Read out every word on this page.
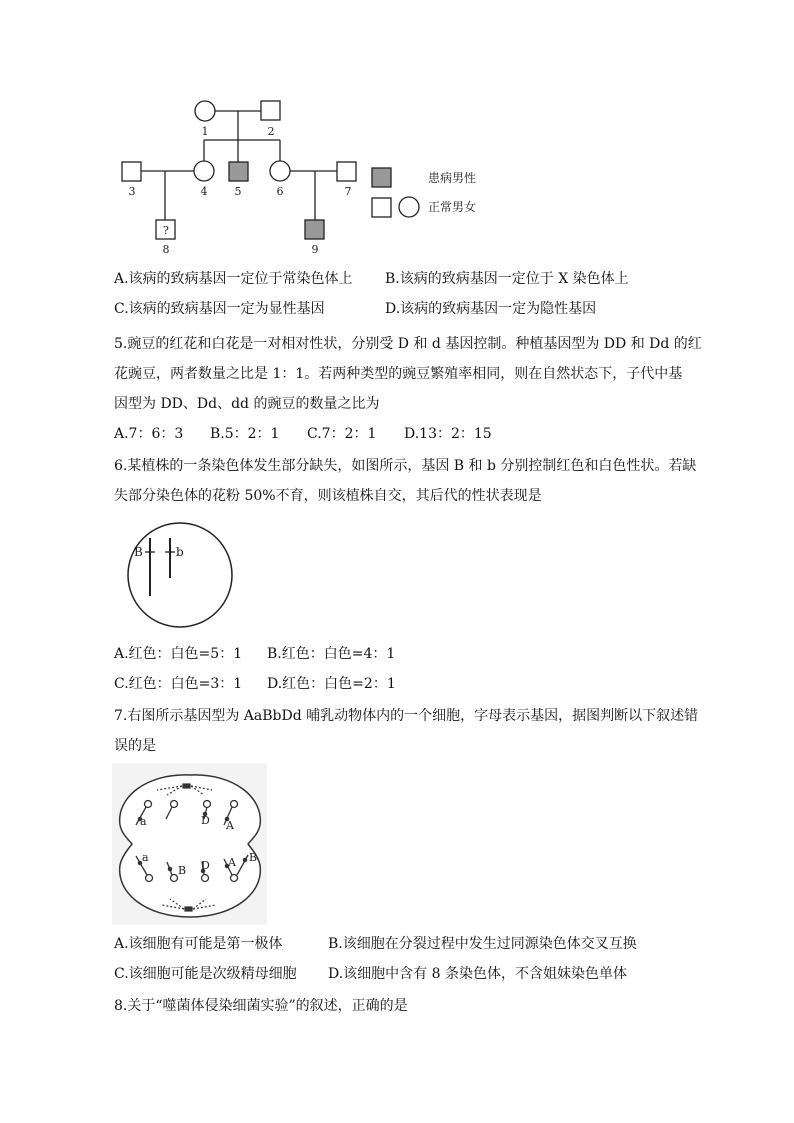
1	2
3	4 5	6	7
8	9
?
患病男性
正常男女
A.该病的致病基因一定位于常染色体上 B.该病的致病基因一定位于 X 染色体上
C.该病的致病基因一定为显性基因	D.该病的致病基因一定为隐性基因
5.豌豆的红花和白花是一对相对性状，分别受 D 和 d 基因控制。种植基因型为 DD 和 Dd 的红
花豌豆，两者数量之比是 1：1。若两种类型的豌豆繁殖率相同，则在自然状态下，子代中基
因型为 DD、Dd、dd 的豌豆的数量之比为
A.7：6：3 B.5：2：1 C.7：2：1 D.13：2：15
6.某植株的一条染色体发生部分缺失，如图所示，基因 B 和 b 分别控制红色和白色性状。若缺
失部分染色体的花粉 50%不育，则该植株自交，其后代的性状表现是
B	b
A.红色：白色=5：1 B.红色：白色=4：1
C.红色：白色=3：1 D.红色：白色=2：1
7.右图所示基因型为 AaBbDd 哺乳动物体内的一个细胞，字母表示基因，据图判断以下叙述错
误的是
a	D A
a
B D A B
A.该细胞有可能是第一极体	B.该细胞在分裂过程中发生过同源染色体交叉互换
C.该细胞可能是次级精母细胞 D.该细胞中含有 8 条染色体，不含姐妹染色单体
8.关于“噬菌体侵染细菌实验”的叙述，正确的是
